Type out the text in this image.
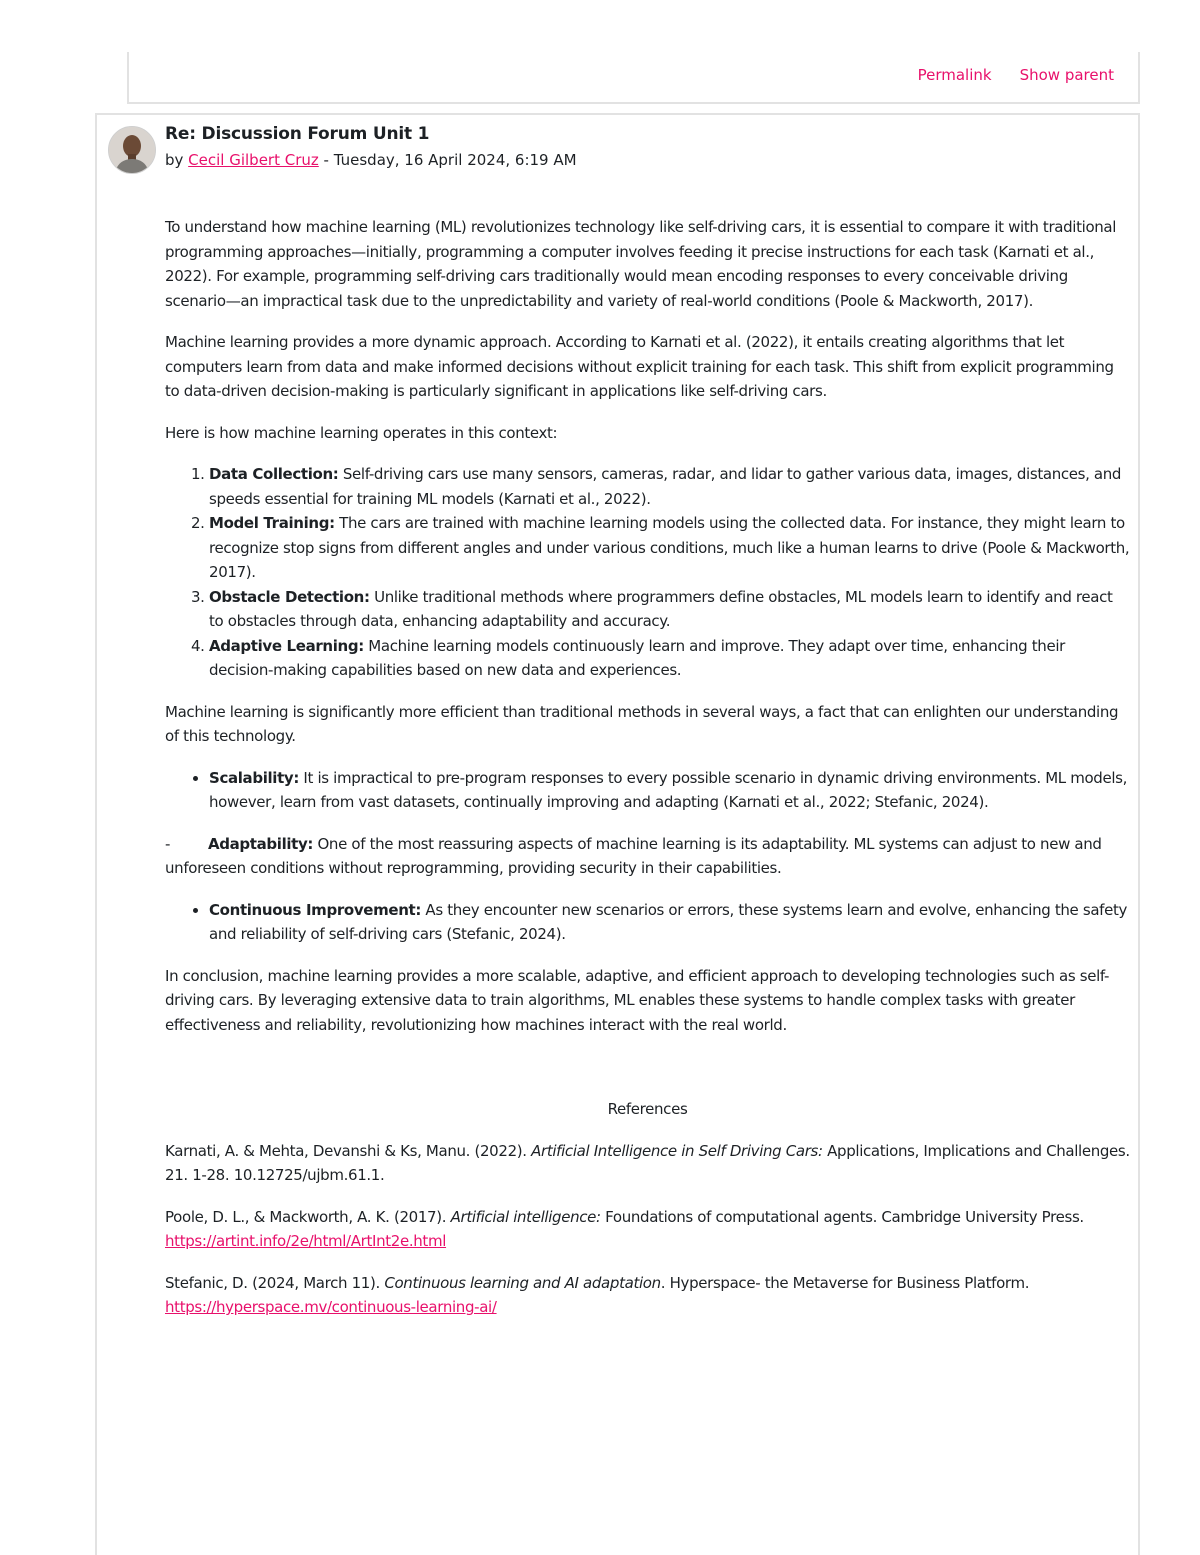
Permalink Show parent
Re: Discussion Forum Unit 1
by Cecil Gilbert Cruz - Tuesday, 16 April 2024, 6:19 AM

To understand how machine learning (ML) revolutionizes technology like self-driving cars, it is essential to compare it with traditional programming approaches—initially, programming a computer involves feeding it precise instructions for each task (Karnati et al., 2022). For example, programming self-driving cars traditionally would mean encoding responses to every conceivable driving scenario—an impractical task due to the unpredictability and variety of real-world conditions (Poole & Mackworth, 2017).

Machine learning provides a more dynamic approach. According to Karnati et al. (2022), it entails creating algorithms that let computers learn from data and make informed decisions without explicit training for each task. This shift from explicit programming to data-driven decision-making is particularly significant in applications like self-driving cars.

Here is how machine learning operates in this context:

1. Data Collection: Self-driving cars use many sensors, cameras, radar, and lidar to gather various data, images, distances, and speeds essential for training ML models (Karnati et al., 2022).
2. Model Training: The cars are trained with machine learning models using the collected data. For instance, they might learn to recognize stop signs from different angles and under various conditions, much like a human learns to drive (Poole & Mackworth, 2017).
3. Obstacle Detection: Unlike traditional methods where programmers define obstacles, ML models learn to identify and react to obstacles through data, enhancing adaptability and accuracy.
4. Adaptive Learning: Machine learning models continuously learn and improve. They adapt over time, enhancing their decision-making capabilities based on new data and experiences.

Machine learning is significantly more efficient than traditional methods in several ways, a fact that can enlighten our understanding of this technology.

• Scalability: It is impractical to pre-program responses to every possible scenario in dynamic driving environments. ML models, however, learn from vast datasets, continually improving and adapting (Karnati et al., 2022; Stefanic, 2024).

-	Adaptability: One of the most reassuring aspects of machine learning is its adaptability. ML systems can adjust to new and unforeseen conditions without reprogramming, providing security in their capabilities.

• Continuous Improvement: As they encounter new scenarios or errors, these systems learn and evolve, enhancing the safety and reliability of self-driving cars (Stefanic, 2024).

In conclusion, machine learning provides a more scalable, adaptive, and efficient approach to developing technologies such as self-driving cars. By leveraging extensive data to train algorithms, ML enables these systems to handle complex tasks with greater effectiveness and reliability, revolutionizing how machines interact with the real world.

References

Karnati, A. & Mehta, Devanshi & Ks, Manu. (2022). Artificial Intelligence in Self Driving Cars: Applications, Implications and Challenges. 21. 1-28. 10.12725/ujbm.61.1.

Poole, D. L., & Mackworth, A. K. (2017). Artificial intelligence: Foundations of computational agents. Cambridge University Press. https://artint.info/2e/html/ArtInt2e.html

Stefanic, D. (2024, March 11). Continuous learning and AI adaptation. Hyperspace- the Metaverse for Business Platform. https://hyperspace.mv/continuous-learning-ai/
